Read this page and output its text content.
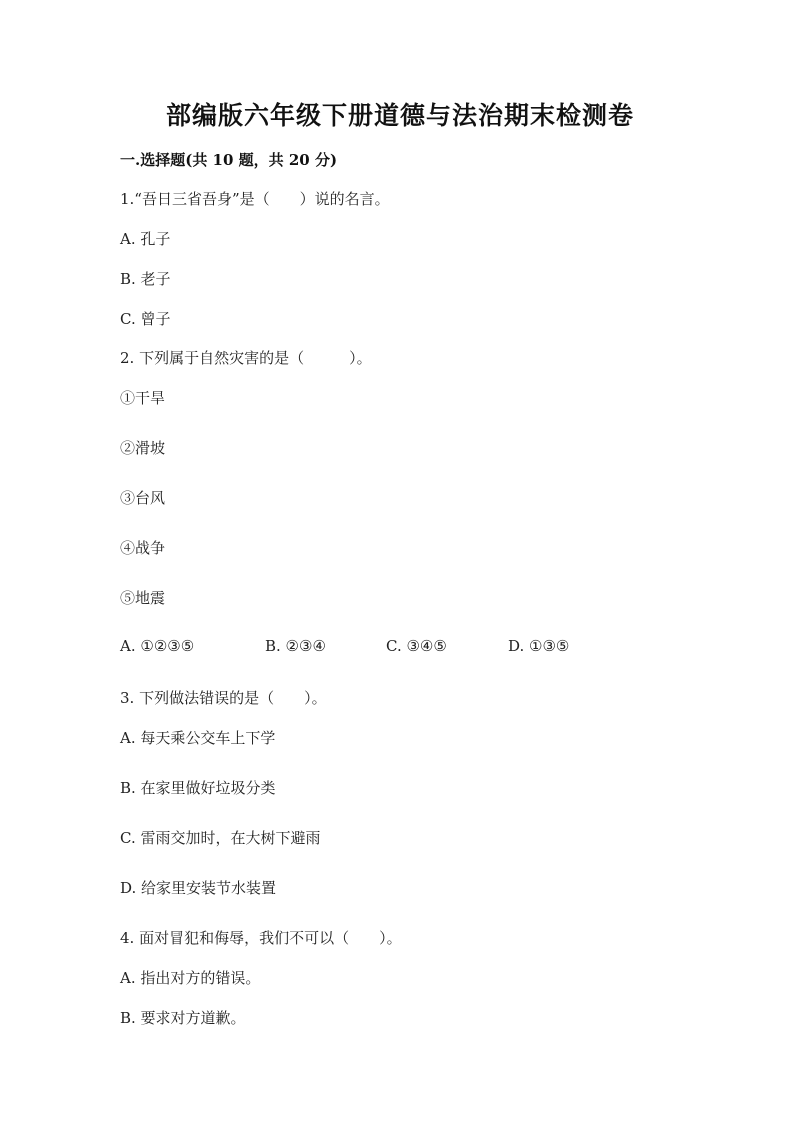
部编版六年级下册道德与法治期末检测卷
一.选择题(共 10 题，共 20 分)
1.“吾日三省吾身”是（　　）说的名言。
A. 孔子
B. 老子
C. 曾子
2. 下列属于自然灾害的是（　　　）。
①干旱
②滑坡
③台风
④战争
⑤地震
A. ①②③⑤	B. ②③④	C. ③④⑤	D. ①③⑤
3. 下列做法错误的是（　　）。
A. 每天乘公交车上下学
B. 在家里做好垃圾分类
C. 雷雨交加时，在大树下避雨
D. 给家里安装节水装置
4. 面对冒犯和侮辱，我们不可以（　　）。
A. 指出对方的错误。
B. 要求对方道歉。
